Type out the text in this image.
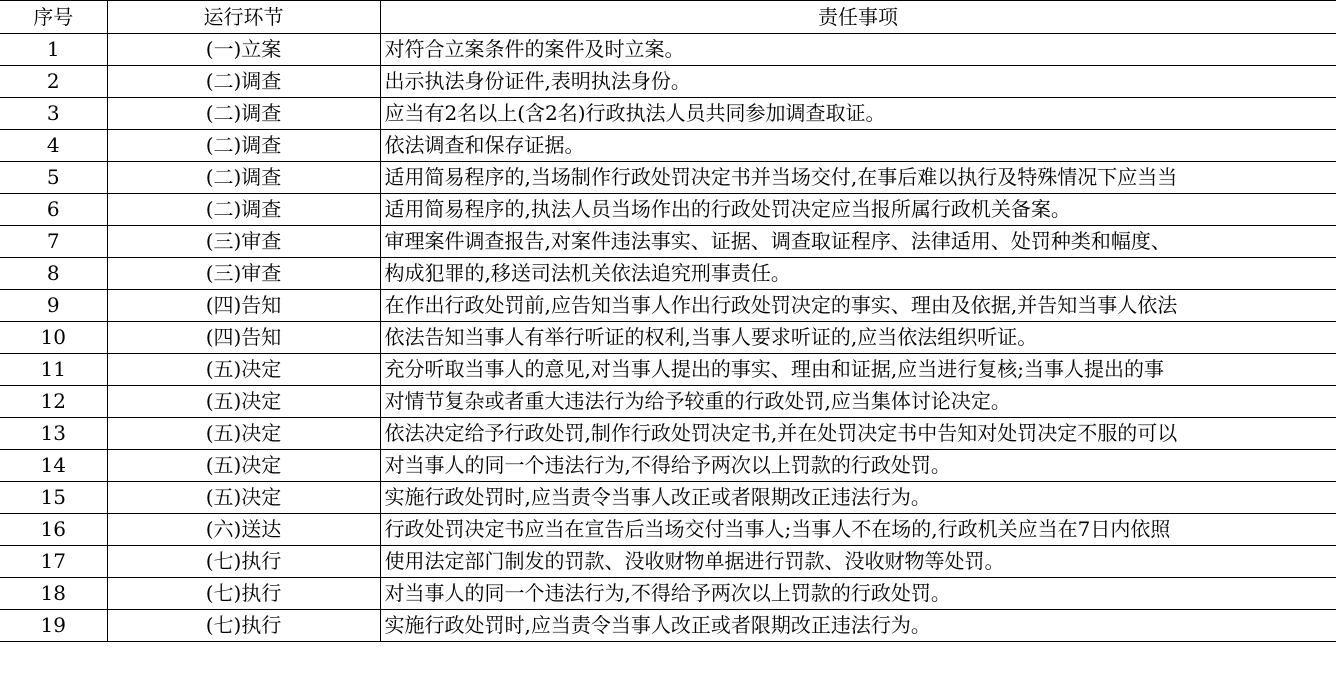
序号	运行环节	责任事项
1	(一)立案	对符合立案条件的案件及时立案。
2	(二)调查	出示执法身份证件,表明执法身份。
3	(二)调查	应当有2名以上(含2名)行政执法人员共同参加调查取证。
4	(二)调查	依法调查和保存证据。
5	(二)调查	适用简易程序的,当场制作行政处罚决定书并当场交付,在事后难以执行及特殊情况下应当当
6	(二)调查	适用简易程序的,执法人员当场作出的行政处罚决定应当报所属行政机关备案。
7	(三)审查	审理案件调查报告,对案件违法事实、证据、调查取证程序、法律适用、处罚种类和幅度、
8	(三)审查	构成犯罪的,移送司法机关依法追究刑事责任。
9	(四)告知	在作出行政处罚前,应告知当事人作出行政处罚决定的事实、理由及依据,并告知当事人依法
10	(四)告知	依法告知当事人有举行听证的权利,当事人要求听证的,应当依法组织听证。
11	(五)决定	充分听取当事人的意见,对当事人提出的事实、理由和证据,应当进行复核;当事人提出的事
12	(五)决定	对情节复杂或者重大违法行为给予较重的行政处罚,应当集体讨论决定。
13	(五)决定	依法决定给予行政处罚,制作行政处罚决定书,并在处罚决定书中告知对处罚决定不服的可以
14	(五)决定	对当事人的同一个违法行为,不得给予两次以上罚款的行政处罚。
15	(五)决定	实施行政处罚时,应当责令当事人改正或者限期改正违法行为。
16	(六)送达	行政处罚决定书应当在宣告后当场交付当事人;当事人不在场的,行政机关应当在7日内依照
17	(七)执行	使用法定部门制发的罚款、没收财物单据进行罚款、没收财物等处罚。
18	(七)执行	对当事人的同一个违法行为,不得给予两次以上罚款的行政处罚。
19	(七)执行	实施行政处罚时,应当责令当事人改正或者限期改正违法行为。
